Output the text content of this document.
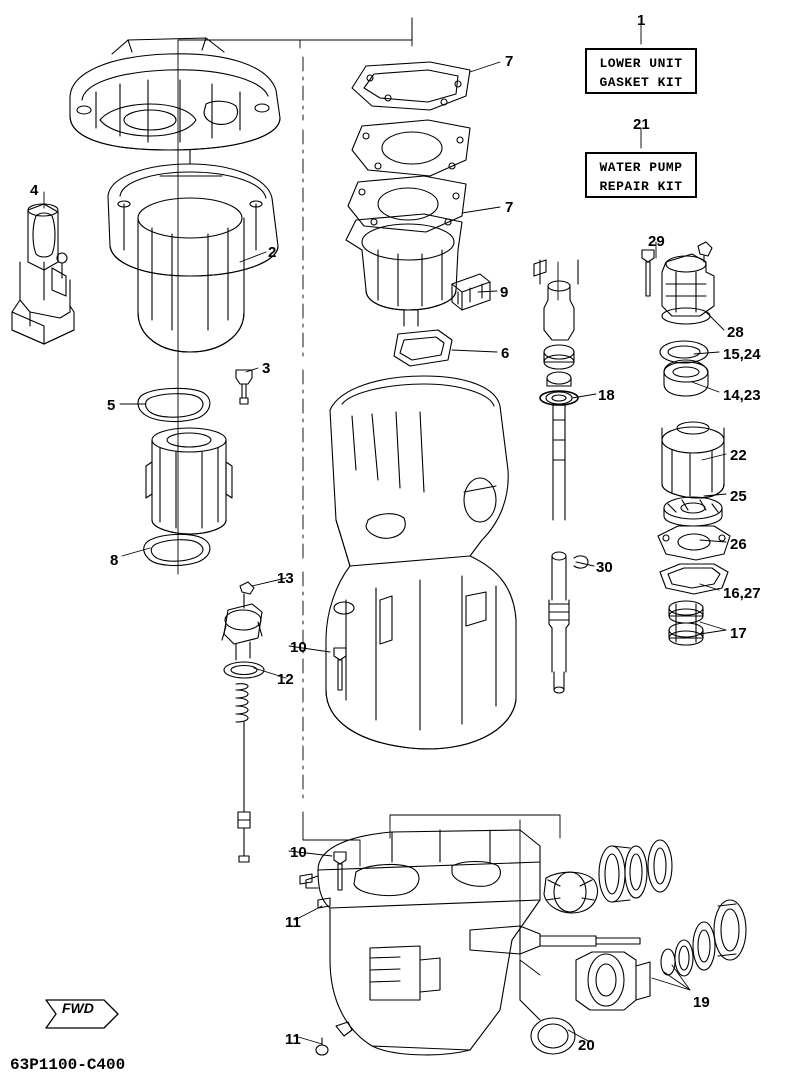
1
LOWER UNIT
GASKET KIT
21
WATER PUMP
REPAIR KIT
7
7
4
2
9
29
28
3
6	15,24
5
18	14,23
22
25
26
8
13
30
16,27
17
10
12
10
11
19
11	20
FWD
63P1100-C400
